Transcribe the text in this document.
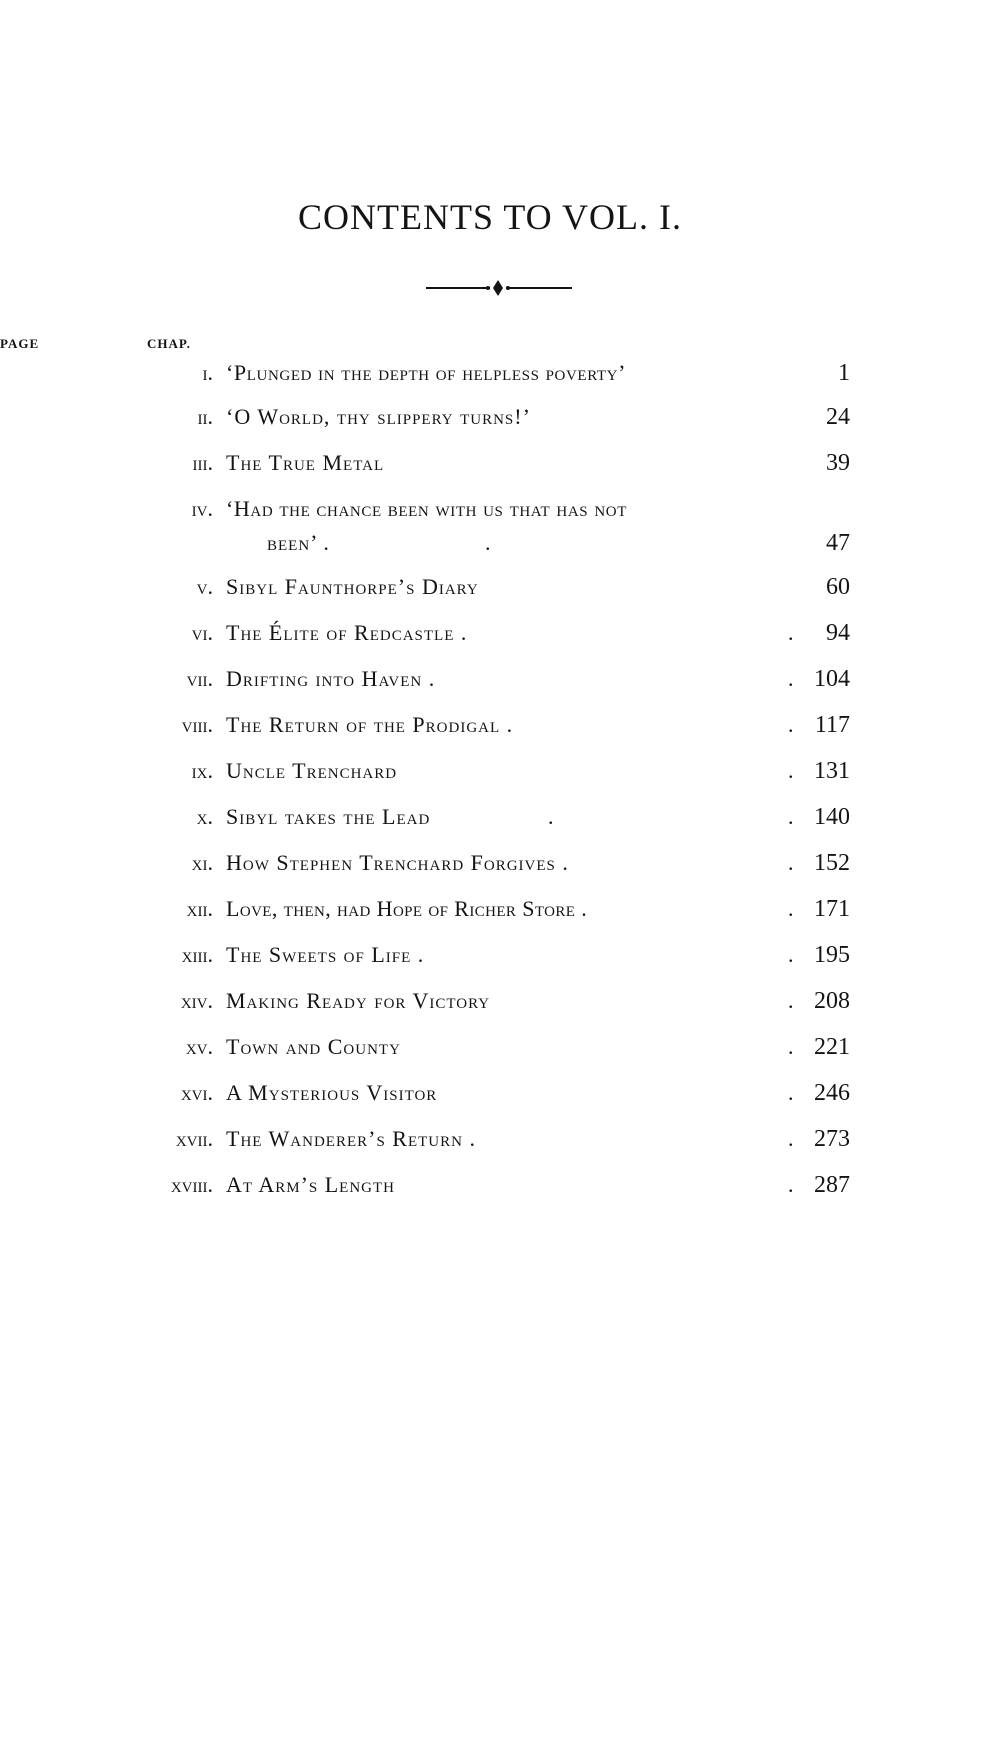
CONTENTS TO VOL. I.
CHAP.
PAGE
i. ‘Plunged in the depth of helpless poverty’	1
ii. ‘O World, thy slippery turns!’	24
iii. The True Metal	39
iv. ‘Had the chance been with us that has not
been’ .	.	47
v. Sibyl Faunthorpe’s Diary	60
vi. The Élite of Redcastle .	. 94
vii. Drifting into Haven .	. 104
viii. The Return of the Prodigal .	. 117
ix. Uncle Trenchard	. 131
x. Sibyl takes the Lead	.	. 140
xi. How Stephen Trenchard Forgives .	. 152
xii. Love, then, had Hope of Richer Store .	. 171
xiii. The Sweets of Life .	. 195
xiv. Making Ready for Victory	. 208
xv. Town and County	. 221
xvi. A Mysterious Visitor	. 246
xvii. The Wanderer’s Return .	. 273
xviii. At Arm’s Length	. 287
